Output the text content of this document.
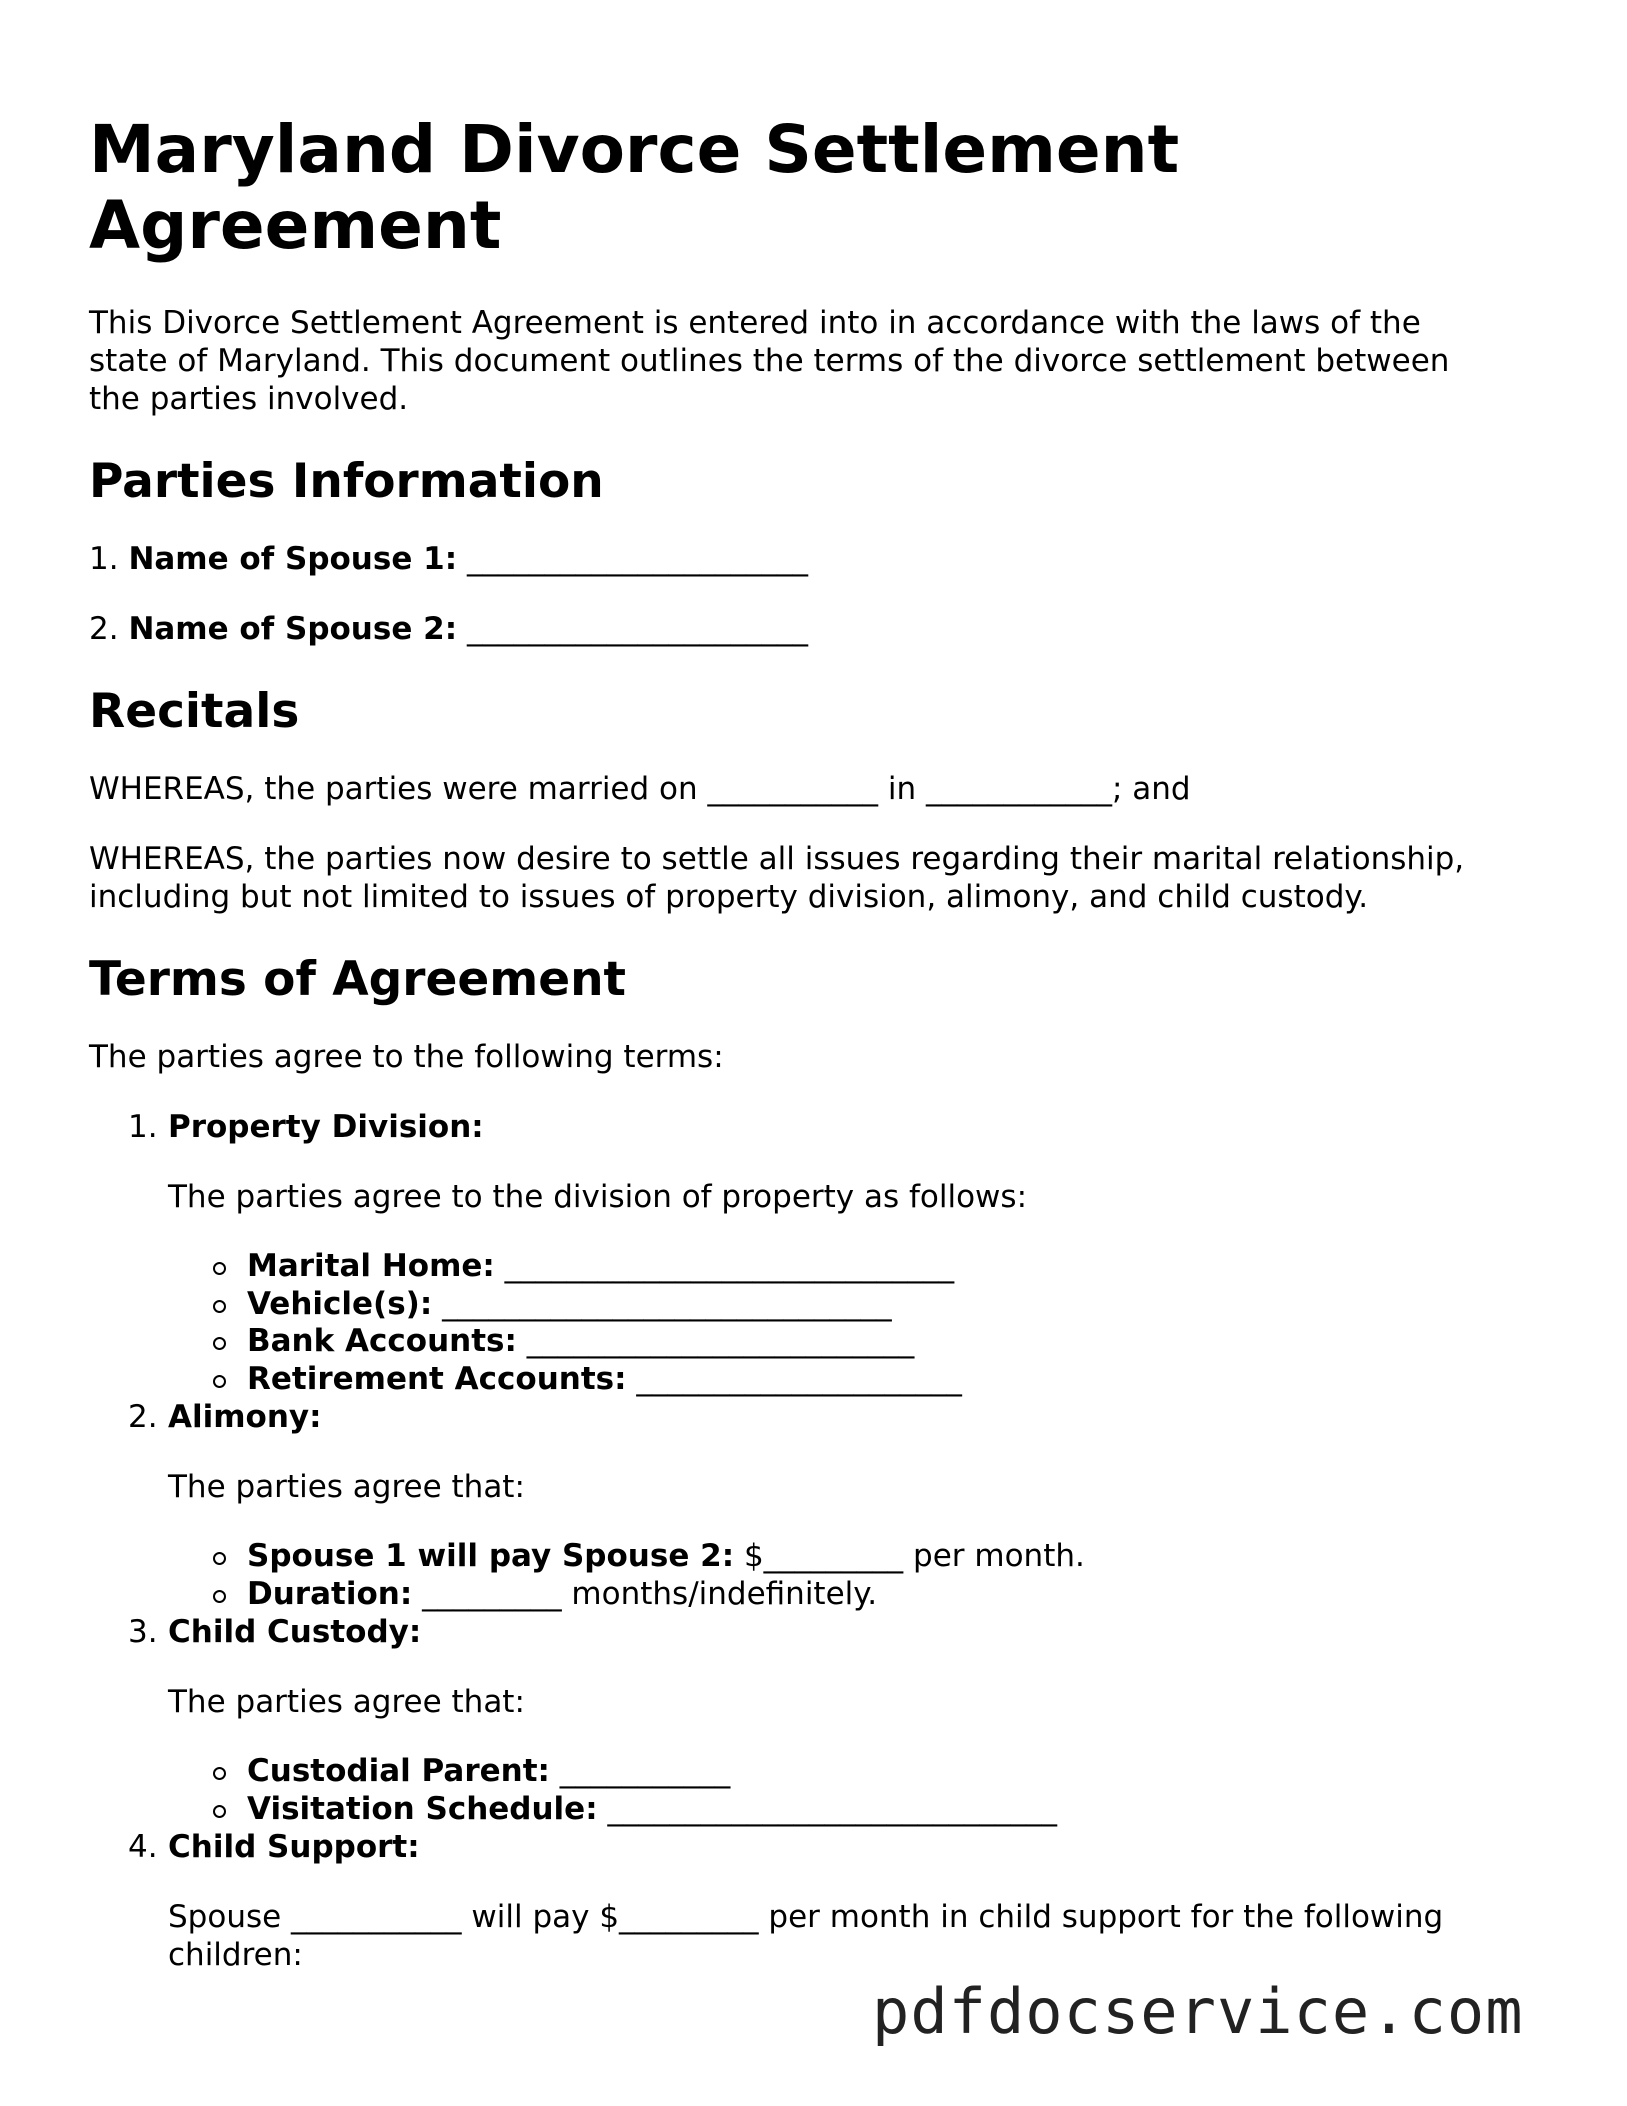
Maryland Divorce Settlement Agreement

This Divorce Settlement Agreement is entered into in accordance with the laws of the state of Maryland. This document outlines the terms of the divorce settlement between the parties involved.

Parties Information

1. Name of Spouse 1: ______________________

2. Name of Spouse 2: ______________________

Recitals

WHEREAS, the parties were married on ___________ in ____________; and

WHEREAS, the parties now desire to settle all issues regarding their marital relationship, including but not limited to issues of property division, alimony, and child custody.

Terms of Agreement

The parties agree to the following terms:

1. Property Division:

The parties agree to the division of property as follows:

Marital Home: _____________________________
Vehicle(s): _____________________________
Bank Accounts: _________________________
Retirement Accounts: _____________________
2. Alimony:

The parties agree that:

Spouse 1 will pay Spouse 2: $_________ per month.
Duration: _________ months/indefinitely.
3. Child Custody:

The parties agree that:

Custodial Parent: ___________
Visitation Schedule: _____________________________
4. Child Support:

Spouse ___________ will pay $_________ per month in child support for the following children:

pdfdocservice.com
